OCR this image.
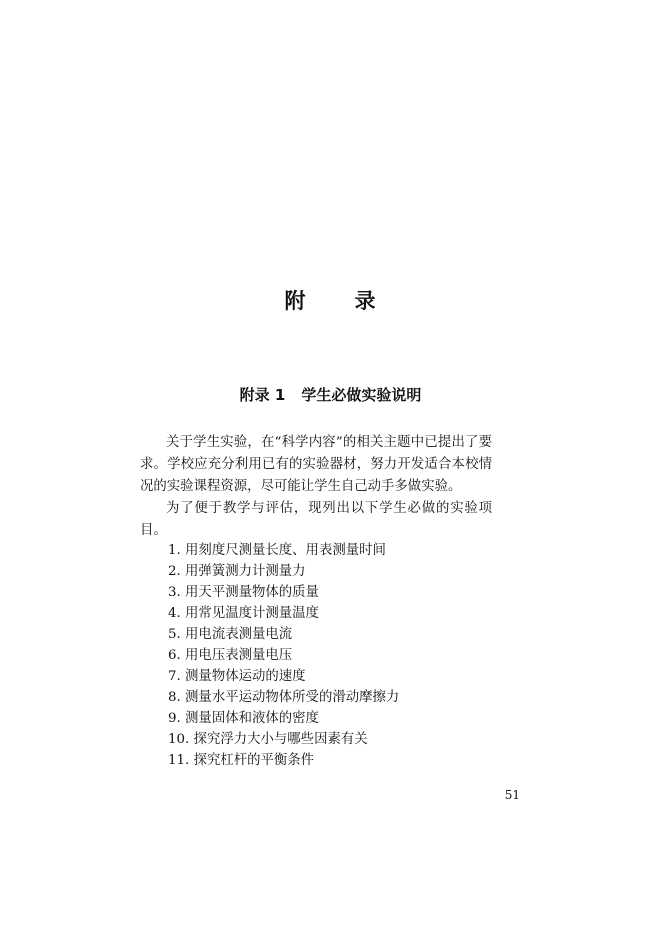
附 录
附录 1 学生必做实验说明

关于学生实验，在“科学内容”的相关主题中已提出了要求。学校应充分利用已有的实验器材，努力开发适合本校情况的实验课程资源，尽可能让学生自己动手多做实验。

为了便于教学与评估，现列出以下学生必做的实验项目。

1. 用刻度尺测量长度、用表测量时间
2. 用弹簧测力计测量力
3. 用天平测量物体的质量
4. 用常见温度计测量温度
5. 用电流表测量电流
6. 用电压表测量电压
7. 测量物体运动的速度
8. 测量水平运动物体所受的滑动摩擦力
9. 测量固体和液体的密度
10. 探究浮力大小与哪些因素有关
11. 探究杠杆的平衡条件
51
